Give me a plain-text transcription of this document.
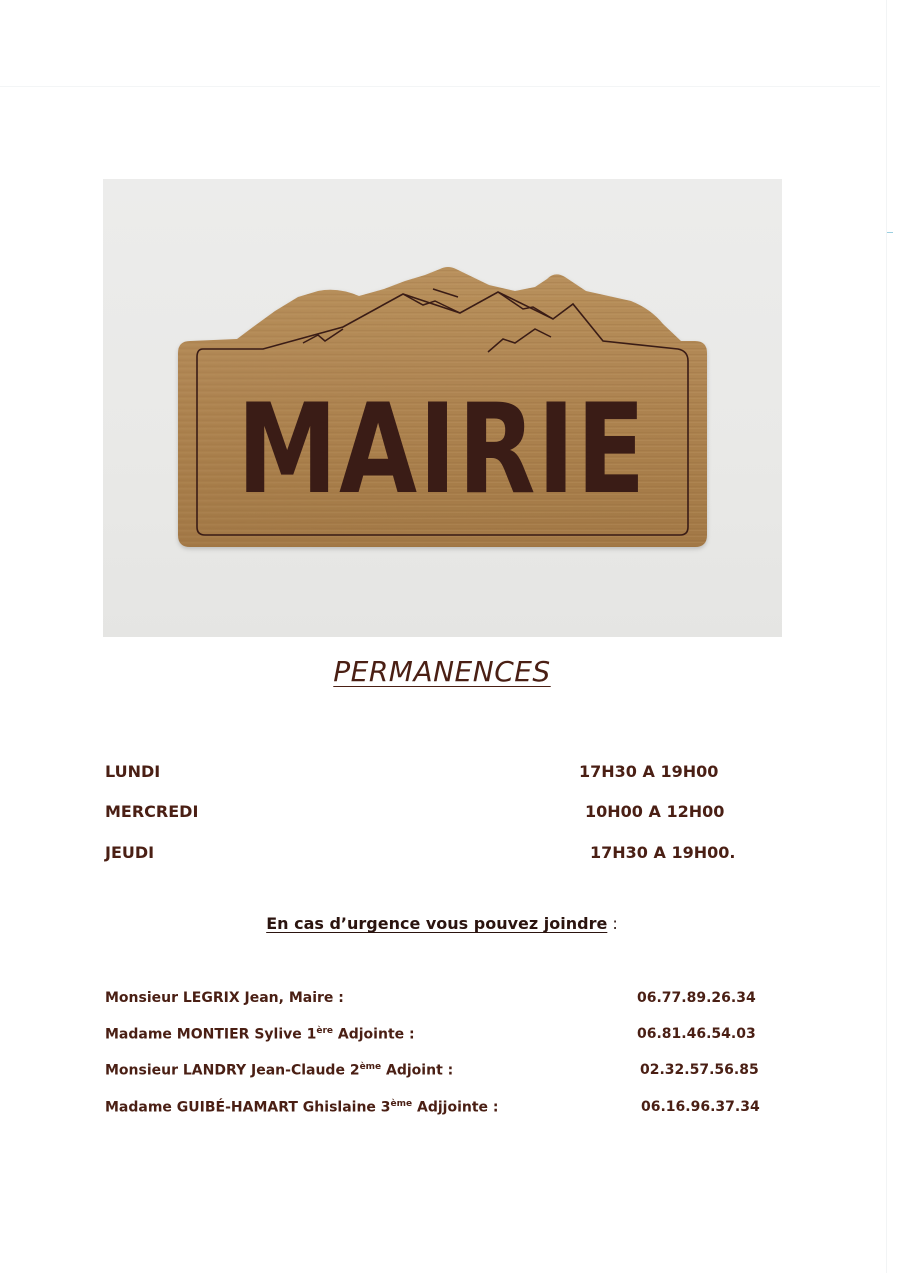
MAIRIE
PERMANENCES
LUNDI	17H30 A 19H00
MERCREDI	10H00 A 12H00
JEUDI	17H30 A 19H00.
En cas d’urgence vous pouvez joindre :
Monsieur LEGRIX Jean, Maire :	06.77.89.26.34
Madame MONTIER Sylive 1ère Adjointe :	06.81.46.54.03
Monsieur LANDRY Jean-Claude 2ème Adjoint :	02.32.57.56.85
Madame GUIBÉ-HAMART Ghislaine 3ème Adjjointe :	06.16.96.37.34
